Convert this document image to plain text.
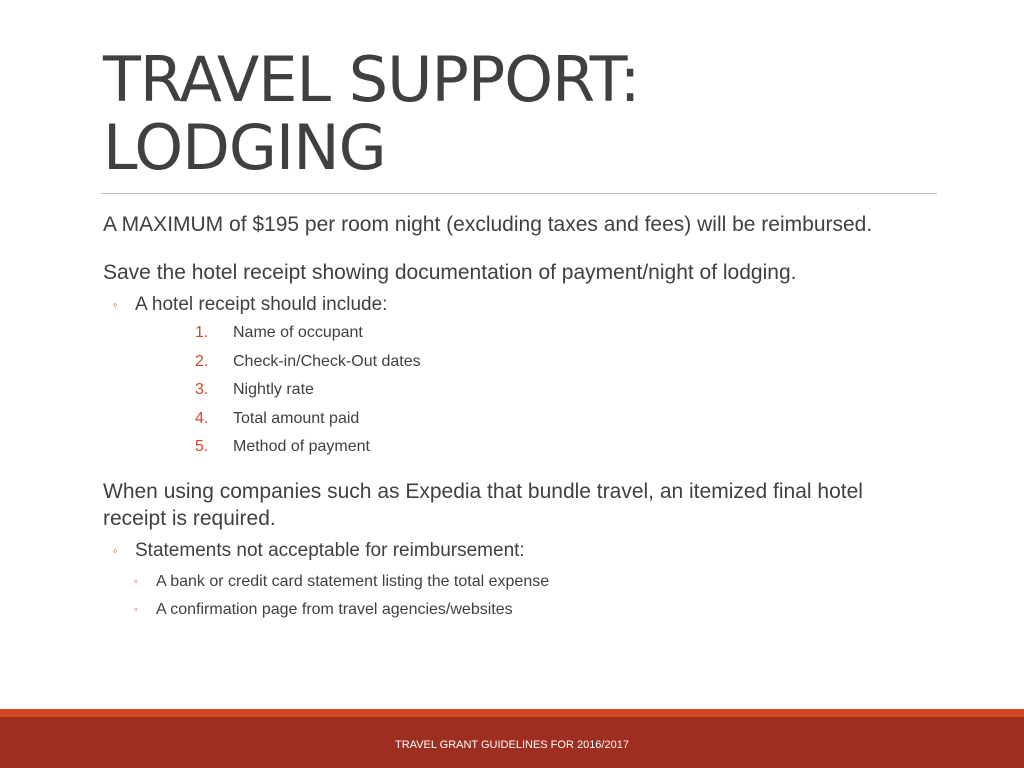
TRAVEL SUPPORT:
LODGING

A MAXIMUM of $195 per room night (excluding taxes and fees) will be reimbursed.

Save the hotel receipt showing documentation of payment/night of lodging.

◦ A hotel receipt should include:
1. Name of occupant
2. Check-in/Check-Out dates
3. Nightly rate
4. Total amount paid
5. Method of payment

When using companies such as Expedia that bundle travel, an itemized final hotel receipt is required.

◦ Statements not acceptable for reimbursement:
◦ A bank or credit card statement listing the total expense
◦ A confirmation page from travel agencies/websites
TRAVEL GRANT GUIDELINES FOR 2016/2017
